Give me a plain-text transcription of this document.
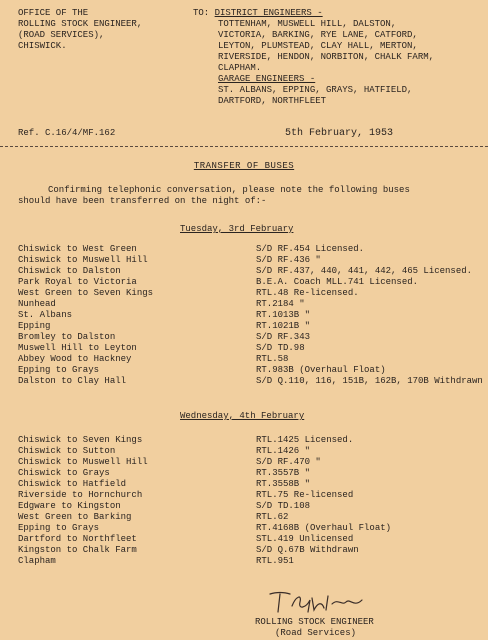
OFFICE OF THE
ROLLING STOCK ENGINEER,
(ROAD SERVICES),
CHISWICK.
TO: DISTRICT ENGINEERS -
TOTTENHAM, MUSWELL HILL, DALSTON,
VICTORIA, BARKING, RYE LANE, CATFORD,
LEYTON, PLUMSTEAD, CLAY HALL, MERTON,
RIVERSIDE, HENDON, NORBITON, CHALK FARM,
CLAPHAM.
GARAGE ENGINEERS -
ST. ALBANS, EPPING, GRAYS, HATFIELD,
DARTFORD, NORTHFLEET
Ref. C.16/4/MF.162	5th February, 1953
TRANSFER OF BUSES

Confirming telephonic conversation, please note the following buses

should have been transferred on the night of:-

Tuesday, 3rd February
Chiswick to West Green	S/D RF.454 Licensed.
Chiswick to Muswell Hill	S/D RF.436 "
Chiswick to Dalston	S/D RF.437, 440, 441, 442, 465 Licensed.
Park Royal to Victoria	B.E.A. Coach MLL.741 Licensed.
West Green to Seven Kings	RTL.48 Re-licensed.
Nunhead	RT.2184 "
St. Albans	RT.1013B "
Epping	RT.1021B "
Bromley to Dalston	S/D RF.343
Muswell Hill to Leyton	S/D TD.98
Abbey Wood to Hackney	RTL.58
Epping to Grays	RT.983B (Overhaul Float)
Dalston to Clay Hall	S/D Q.110, 116, 151B, 162B, 170B Withdrawn
Wednesday, 4th February
Chiswick to Seven Kings	RTL.1425 Licensed.
Chiswick to Sutton	RTL.1426 "
Chiswick to Muswell Hill	S/D RF.470 "
Chiswick to Grays	RT.3557B "
Chiswick to Hatfield	RT.3558B "
Riverside to Hornchurch	RTL.75 Re-licensed
Edgware to Kingston	S/D TD.108
West Green to Barking	RTL.62
Epping to Grays	RT.4168B (Overhaul Float)
Dartford to Northfleet	STL.419 Unlicensed
Kingston to Chalk Farm	S/D Q.67B Withdrawn
Clapham	RTL.951
ROLLING STOCK ENGINEER
(Road Services)
